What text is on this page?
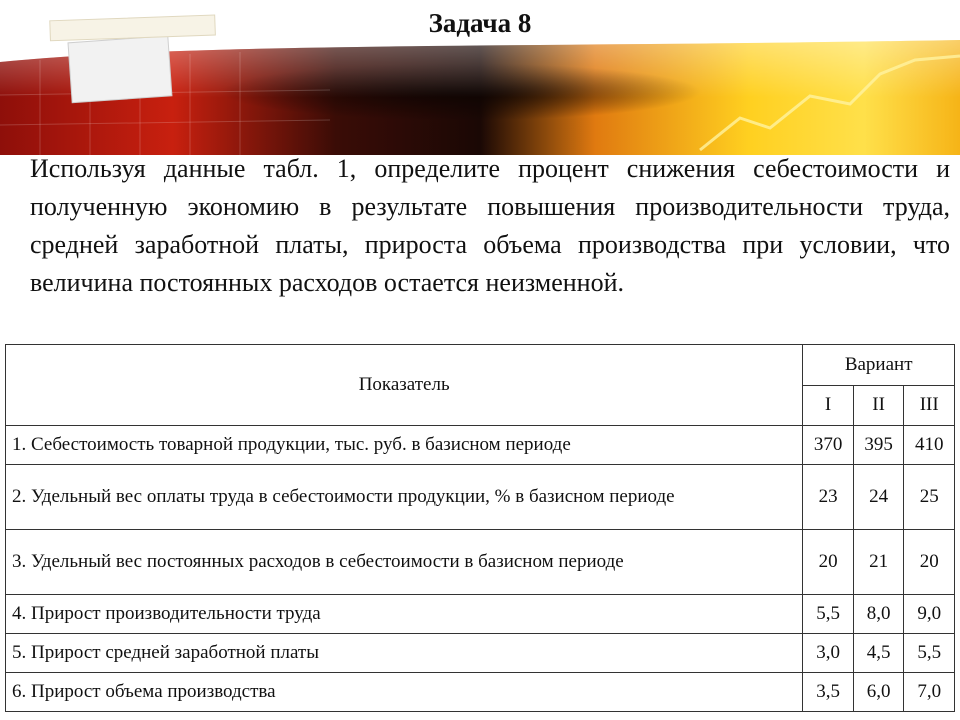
Задача 8
Используя данные табл. 1, определите процент снижения себестоимости и полученную экономию в результате повышения производительности труда, средней заработной платы, прироста объема производства при условии, что величина постоянных расходов остается неизменной.
Показатель	Вариант		
	I	II	III
1. Себестоимость товарной продукции, тыс. руб. в базисном периоде	370	395	410
2. Удельный вес оплаты труда в себестоимости продукции, % в базисном периоде	23	24	25
3. Удельный вес постоянных расходов в себестоимости в базисном периоде	20	21	20
4. Прирост производительности труда	5,5	8,0	9,0
5. Прирост средней заработной платы	3,0	4,5	5,5
6. Прирост объема производства	3,5	6,0	7,0
